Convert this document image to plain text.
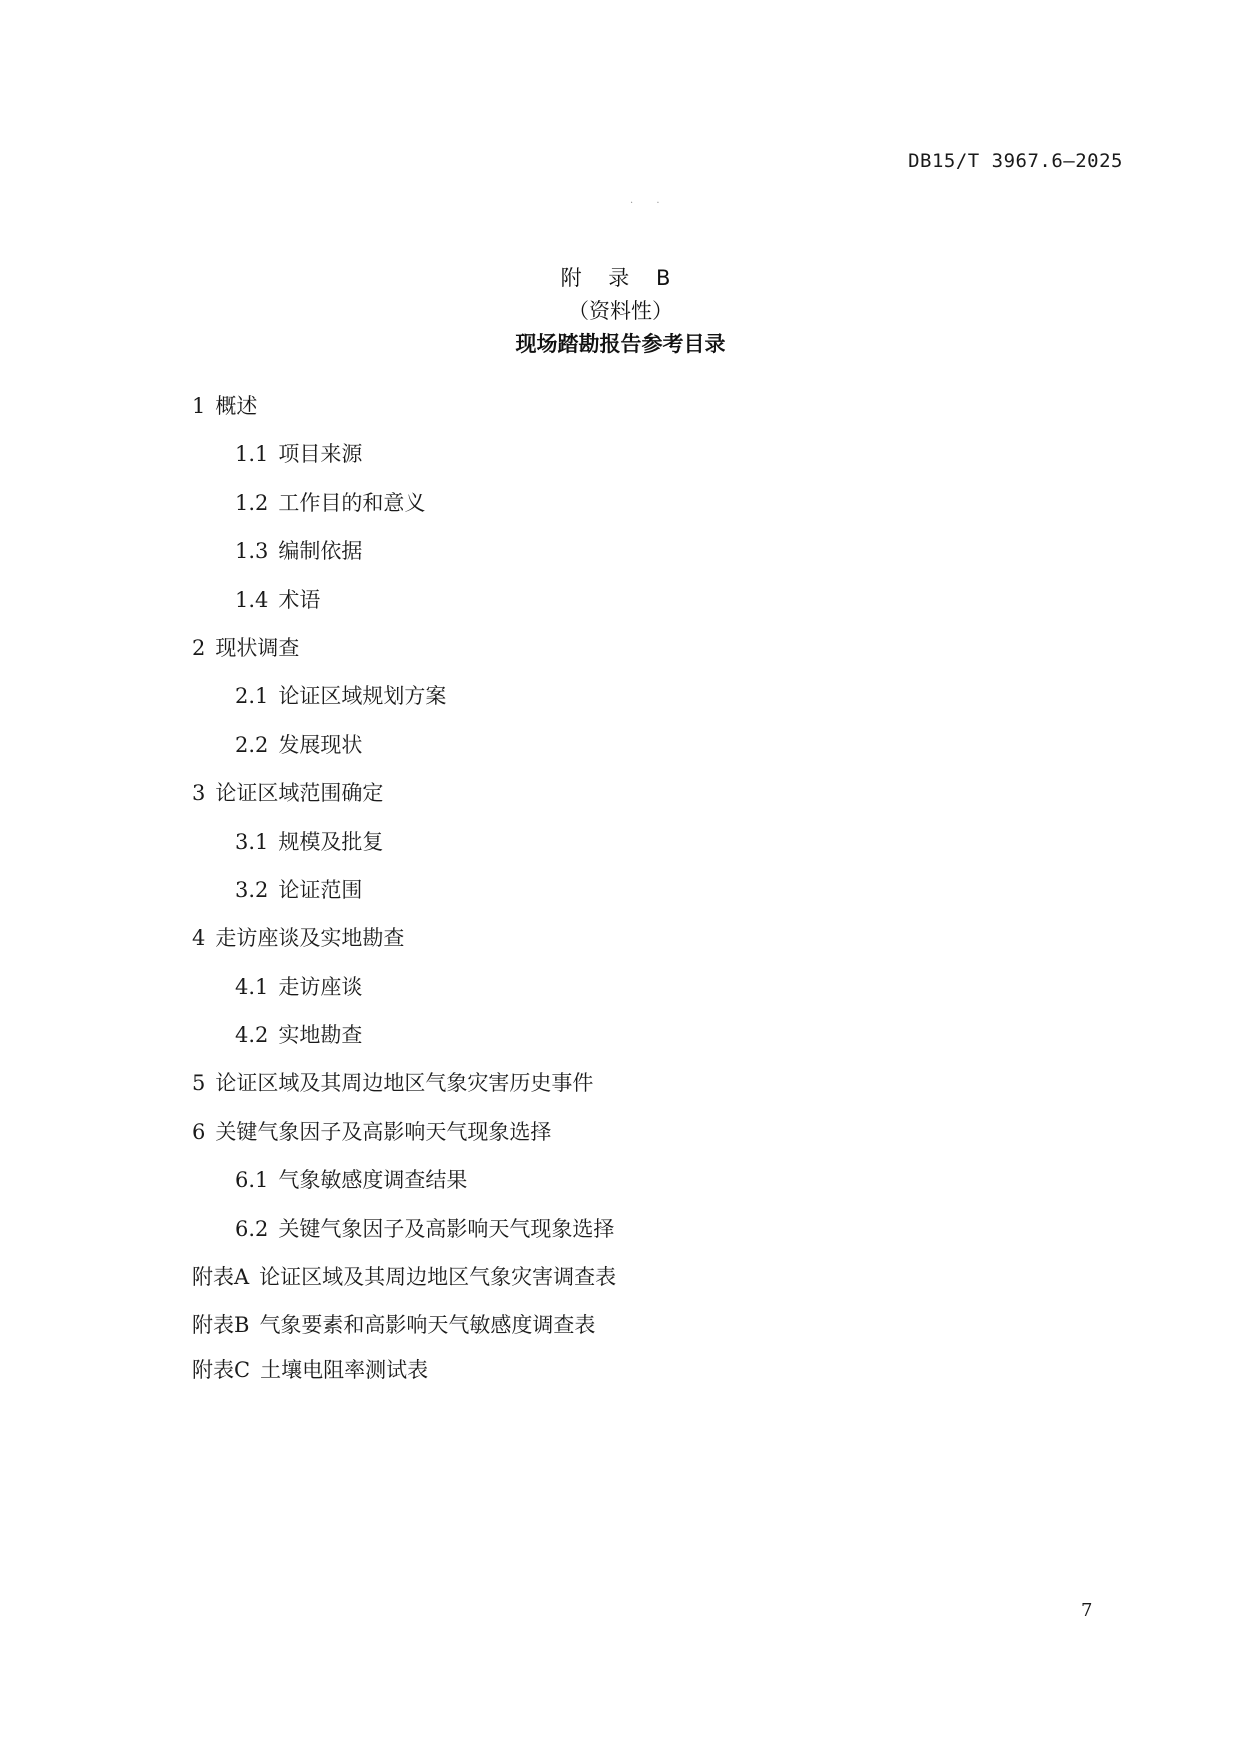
DB15/T 3967.6—2025
· ·
附 录 B
（资料性）
现场踏勘报告参考目录
1 概述
1.1 项目来源
1.2 工作目的和意义
1.3 编制依据
1.4 术语
2 现状调查
2.1 论证区域规划方案
2.2 发展现状
3 论证区域范围确定
3.1 规模及批复
3.2 论证范围
4 走访座谈及实地勘查
4.1 走访座谈
4.2 实地勘查
5 论证区域及其周边地区气象灾害历史事件
6 关键气象因子及高影响天气现象选择
6.1 气象敏感度调查结果
6.2 关键气象因子及高影响天气现象选择
附表A 论证区域及其周边地区气象灾害调查表
附表B 气象要素和高影响天气敏感度调查表
附表C 土壤电阻率测试表
7
